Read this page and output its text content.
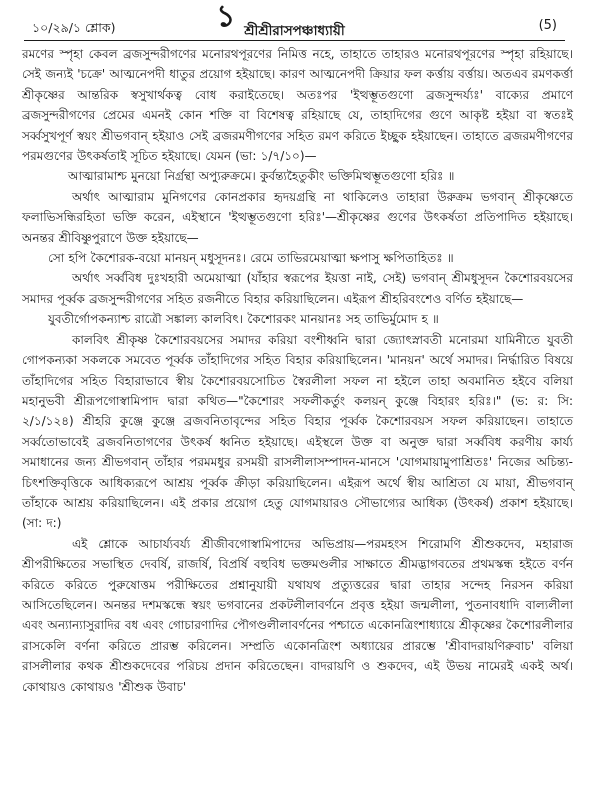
১০/২৯/১ শ্লোক)	১ শ্রীশ্রীরাসপঞ্চাধ্যায়ী	(5)

রমণের স্পৃহা কেবল ব্রজসুন্দরীগণের মনোরথপূরণের নিমিত্ত নহে, তাহাতে তাহারও মনোরথপূরণের স্পৃহা রহিয়াছে। সেই জন্যই 'চক্রে' আত্মনেপদী ধাতুর প্রয়োগ হইয়াছে। কারণ আত্মনেপদী ক্রিয়ার ফল কর্ত্তায় বর্ত্তায়। অতএব রমণকর্ত্তা শ্রীকৃষ্ণের আন্তরিক স্বসুখার্থকত্ব বোধ করাইতেছে। অতঃপর 'ইত্থম্ভূতগুণো ব্রজসুন্দর্য্যঃ' বাক্যের প্রমাণে ব্রজসুন্দরীগণের প্রেমের এমনই কোন শক্তি বা বিশেষত্ব রহিয়াছে যে, তাহাদিগের গুণে আকৃষ্ট হইয়া বা স্বতঃই সর্ব্বসুখপূর্ণ স্বয়ং শ্রীভগবান্ হইয়াও সেই ব্রজরমণীগণের সহিত রমণ করিতে ইচ্ছুক হইয়াছেন। তাহাতে ব্রজরমণীগণের পরমগুণের উৎকর্ষতাই সূচিত হইয়াছে। যেমন (ভা: ১/৭/১০)—

আত্মারামাশ্চ মুনয়ো নির্গ্রন্থা অপ্যুরুক্রমে। কুর্বন্ত্যহৈতুকীং ভক্তিমিত্থম্ভূতগুণো হরিঃ ॥

অর্থাৎ আত্মারাম মুনিগণের কোনপ্রকার হৃদয়গ্রন্থি না থাকিলেও তাহারা উরুক্রম ভগবান্ শ্রীকৃষ্ণেতে ফলাভিসন্ধিরহিতা ভক্তি করেন, এইস্থানে 'ইত্থম্ভূতগুণো হরিঃ'—শ্রীকৃষ্ণের গুণের উৎকর্ষতা প্রতিপাদিত হইয়াছে। অনন্তর শ্রীবিষ্ণুপুরাণে উক্ত হইয়াছে—

সো হপি কৈশোরক-বয়ো মানয়ন্ মধুসূদনঃ। রেমে তাভিরমেয়াত্মা ক্ষপাসু ক্ষপিতাহিতঃ ॥

অর্থাৎ সর্ব্ববিধ দুঃখহারী অমেয়াত্মা (যাঁহার স্বরূপের ইয়ত্তা নাই, সেই) ভগবান্ শ্রীমধুসূদন কৈশোরবয়সের সমাদর পূর্ব্বক ব্রজসুন্দরীগণের সহিত রজনীতে বিহার করিয়াছিলেন। এইরূপ শ্রীহরিবংশেও বর্ণিত হইয়াছে—

যুবতীর্গোপকন্যাশ্চ রাত্রৌ সঙ্কাল্য কালবিৎ। কৈশোরকং মানয়ানঃ সহ তাভির্মুমোদ হ ॥

কালবিৎ শ্রীকৃষ্ণ কৈশোরবয়সের সমাদর করিয়া বংশীধ্বনি দ্বারা জ্যোৎস্নাবতী মনোরমা যামিনীতে যুবতী গোপকন্যকা সকলকে সমবেত পূর্ব্বক তাঁহাদিগের সহিত বিহার করিয়াছিলেন। 'মানয়ন' অর্থে সমাদর। নির্দ্ধারিত বিষয়ে তাঁহাদিগের সহিত বিহারাভাবে স্বীয় কৈশোরবয়সোচিত স্বৈরলীলা সফল না হইলে তাহা অবমানিত হইবে বলিয়া মহানুভবী শ্রীরূপগোস্বামিপাদ দ্বারা কথিত—"কৈশোরং সফলীকর্তুং কলয়ন্ কুঞ্জে বিহারং হরিঃ।" (ভ: র: সি: ২/১/১২৪) শ্রীহরি কুঞ্জে কুঞ্জে ব্রজবনিতাবৃন্দের সহিত বিহার পূর্ব্বক কৈশোরবয়স সফল করিয়াছেন। তাহাতে সর্ব্বতোভাবেই ব্রজবনিতাগণের উৎকর্ষ ধ্বনিত হইয়াছে। এইস্থলে উক্ত বা অনুক্ত দ্বারা সর্ব্ববিধ করণীয় কার্য্য সমাধানের জন্য শ্রীভগবান্ তাঁহার পরমমধুর রসময়ী রাসলীলাসম্পাদন-মানসে 'যোগমায়ামুপাশ্রিতঃ' নিজের অচিন্ত্য-চিৎশক্তিবৃত্তিকে আধিক্যরূপে আশ্রয় পূর্ব্বক ক্রীড়া করিয়াছিলেন। এইরূপ অর্থে স্বীয় আশ্রিতা যে মায়া, শ্রীভগবান্ তাঁহাকে আশ্রয় করিয়াছিলেন। এই প্রকার প্রয়োগ হেতু যোগমায়ারও সৌভাগ্যের আধিক্য (উৎকর্ষ) প্রকাশ হইয়াছে। (সা: দ:)

এই শ্লোকে আচার্য্যবর্য্য শ্রীজীবগোস্বামিপাদের অভিপ্রায়—পরমহংস শিরোমণি শ্রীশুকদেব, মহারাজ শ্রীপরীক্ষিতের সভাস্থিত দেবর্ষি, রাজর্ষি, বিপ্রর্ষি বহুবিধ ভক্তমণ্ডলীর সাক্ষাতে শ্রীমদ্ভাগবতের প্রথমস্কন্ধ হইতে বর্ণন করিতে করিতে পুরুষোত্তম পরীক্ষিতের প্রশ্নানুযায়ী যথাযথ প্রত্যুত্তরের দ্বারা তাহার সন্দেহ নিরসন করিয়া আসিতেছিলেন। অনন্তর দশমস্কন্ধে স্বয়ং ভগবানের প্রকটলীলাবর্ণনে প্রবৃত্ত হইয়া জন্মলীলা, পুতনাবধাদি বাল্যলীলা এবং অন্যান্যাসুরাদির বধ এবং গোচারণাদির পৌগণ্ডলীলাবর্ণনের পশ্চাতে একোনত্রিংশাধ্যায়ে শ্রীকৃষ্ণের কৈশোরলীলার রাসকেলি বর্ণনা করিতে প্রারম্ভ করিলেন। সম্প্রতি একোনত্রিংশ অধ্যায়ের প্রারম্ভে 'শ্রীবাদরায়ণিরুবাচ' বলিয়া রাসলীলার কথক শ্রীশুকদেবের পরিচয় প্রদান করিতেছেন। বাদরায়ণি ও শুকদেব, এই উভয় নামেরই একই অর্থ। কোথায়ও কোথায়ও 'শ্রীশুক উবাচ'
